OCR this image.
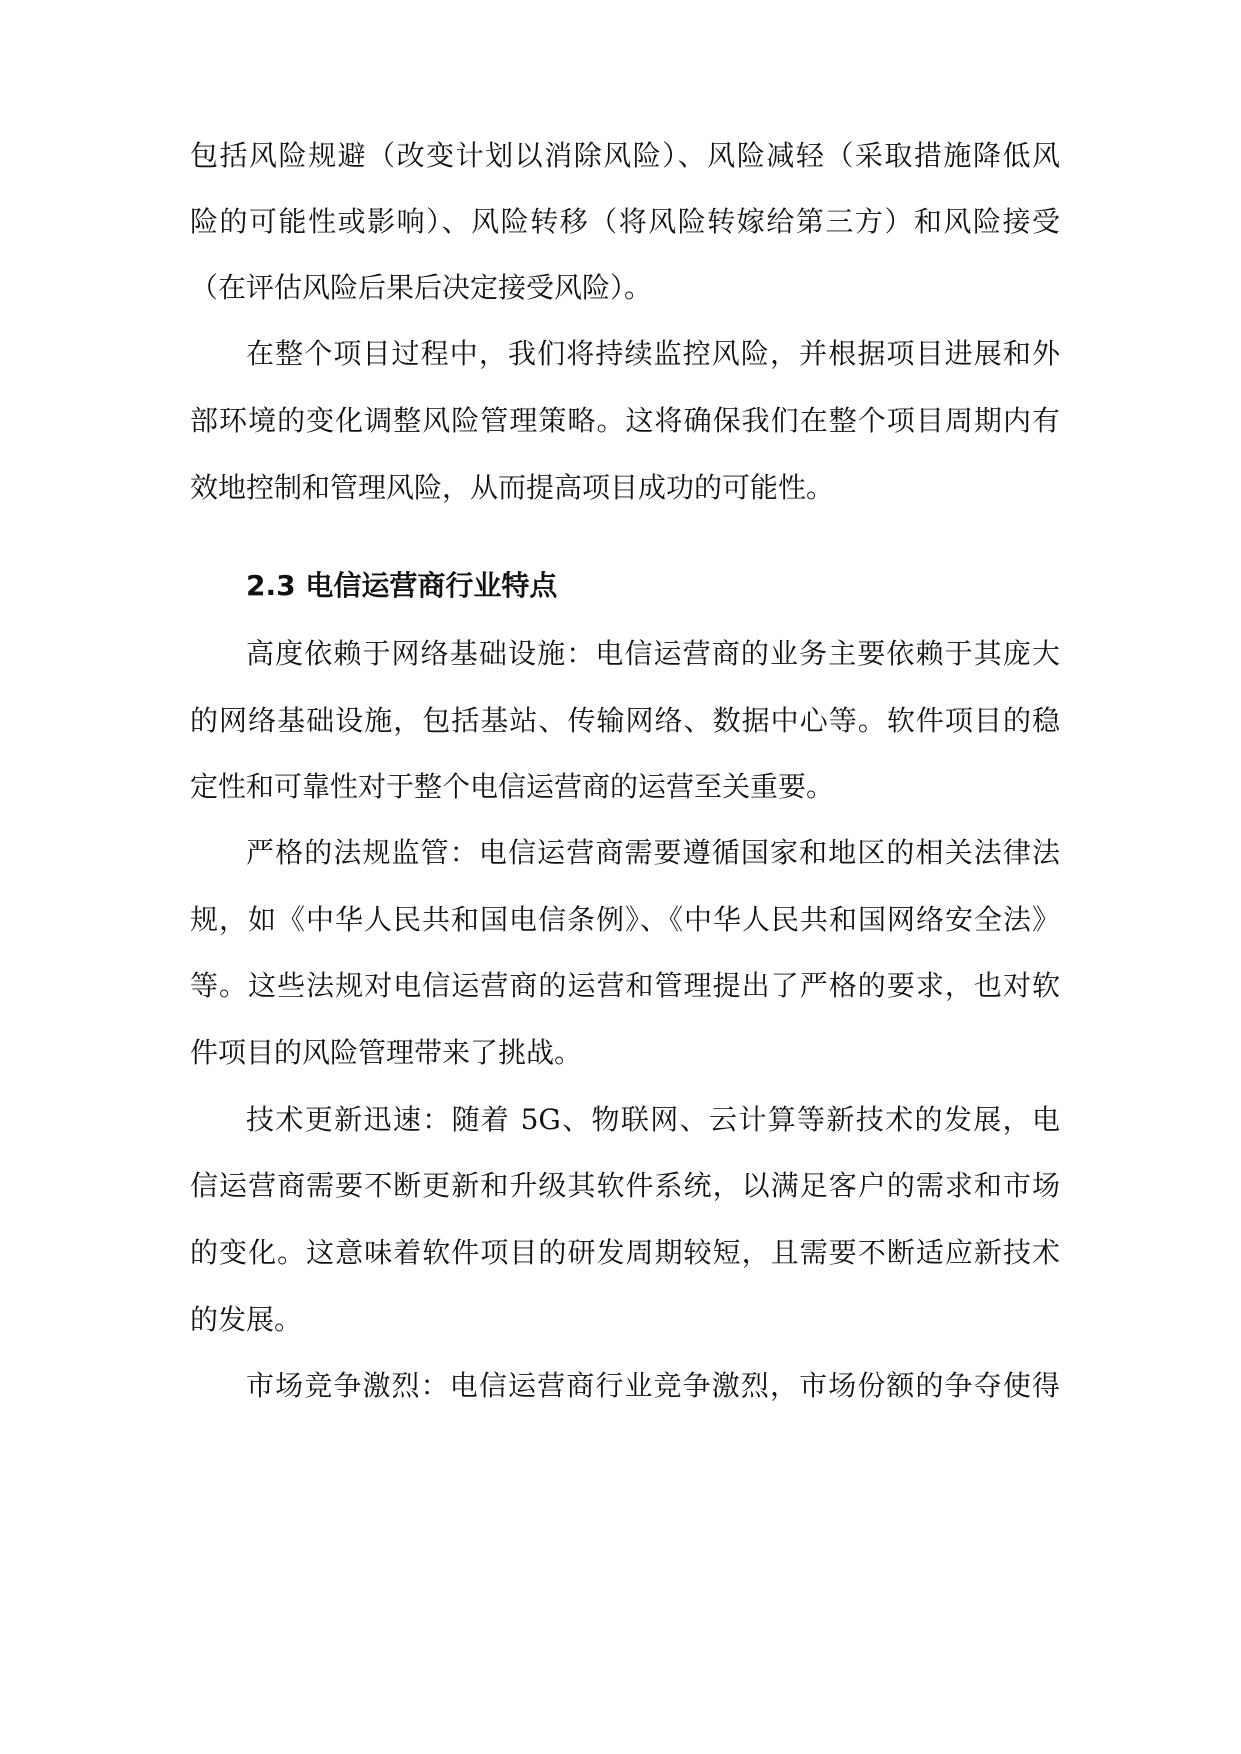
包括风险规避（改变计划以消除风险）、风险减轻（采取措施降低风
险的可能性或影响）、风险转移（将风险转嫁给第三方）和风险接受
（在评估风险后果后决定接受风险）。
在整个项目过程中，我们将持续监控风险，并根据项目进展和外
部环境的变化调整风险管理策略。这将确保我们在整个项目周期内有
效地控制和管理风险，从而提高项目成功的可能性。
2.3 电信运营商行业特点
高度依赖于网络基础设施：电信运营商的业务主要依赖于其庞大
的网络基础设施，包括基站、传输网络、数据中心等。软件项目的稳
定性和可靠性对于整个电信运营商的运营至关重要。
严格的法规监管：电信运营商需要遵循国家和地区的相关法律法
规，如《中华人民共和国电信条例》、《中华人民共和国网络安全法》
等。这些法规对电信运营商的运营和管理提出了严格的要求，也对软
件项目的风险管理带来了挑战。
技术更新迅速：随着 5G、物联网、云计算等新技术的发展，电
信运营商需要不断更新和升级其软件系统，以满足客户的需求和市场
的变化。这意味着软件项目的研发周期较短，且需要不断适应新技术
的发展。
市场竞争激烈：电信运营商行业竞争激烈，市场份额的争夺使得
